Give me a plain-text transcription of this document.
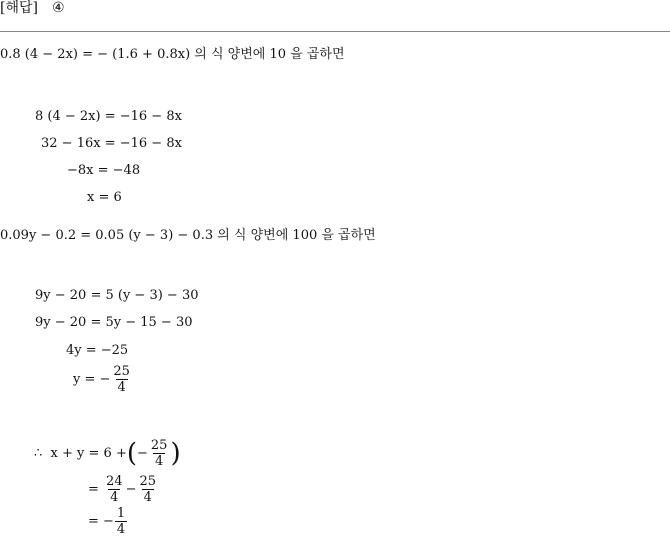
[해답] ④
0.8 (4 − 2x) = − (1.6 + 0.8x) 의 식 양변에 10 을 곱하면
8 (4 − 2x) = −16 − 8x
32 − 16x = −16 − 8x
−8x = −48
x = 6
0.09y − 0.2 = 0.05 (y − 3) − 0.3 의 식 양변에 100 을 곱하면
9y − 20 = 5 (y − 3) − 30
9y − 20 = 5y − 15 − 30
4y = −25
y = − $\frac{25}{4}$
∴ x + y = 6 +(− $\frac{25}{4}$ )
= $\frac{24}{4} - \frac{25}{4}$
= − $\frac{1}{4}$
